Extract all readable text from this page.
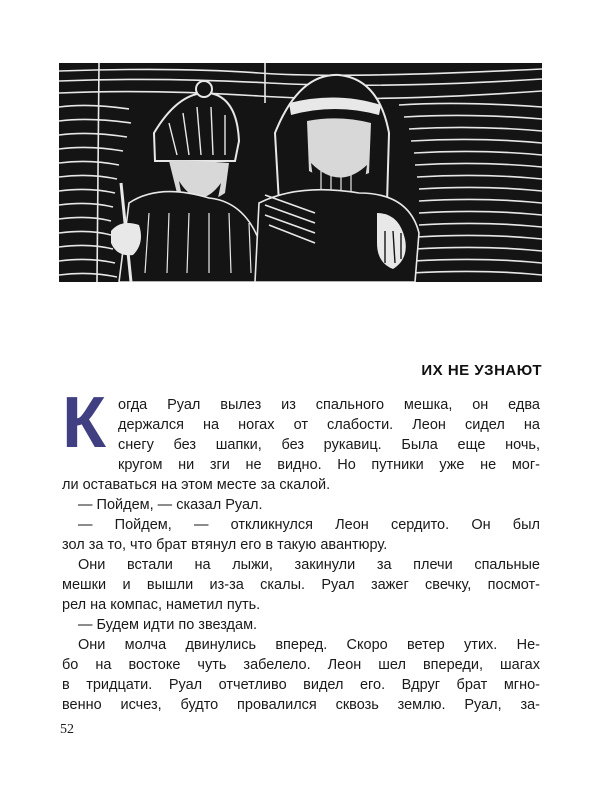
ИХ НЕ УЗНАЮТ
К огда Руал вылез из спального мешка, он едва
держался на ногах от слабости. Леон сидел на
снегу без шапки, без рукавиц. Была еще ночь,
кругом ни зги не видно. Но путники уже не мог-
ли оставаться на этом месте за скалой.
— Пойдем, — сказал Руал.
— Пойдем, — откликнулся Леон сердито. Он был
зол за то, что брат втянул его в такую авантюру.
Они встали на лыжи, закинули за плечи спальные
мешки и вышли из-за скалы. Руал зажег свечку, посмот-
рел на компас, наметил путь.
— Будем идти по звездам.
Они молча двинулись вперед. Скоро ветер утих. Не-
бо на востоке чуть забелело. Леон шел впереди, шагах
в тридцати. Руал отчетливо видел его. Вдруг брат мгно-
венно исчез, будто провалился сквозь землю. Руал, за-
52
